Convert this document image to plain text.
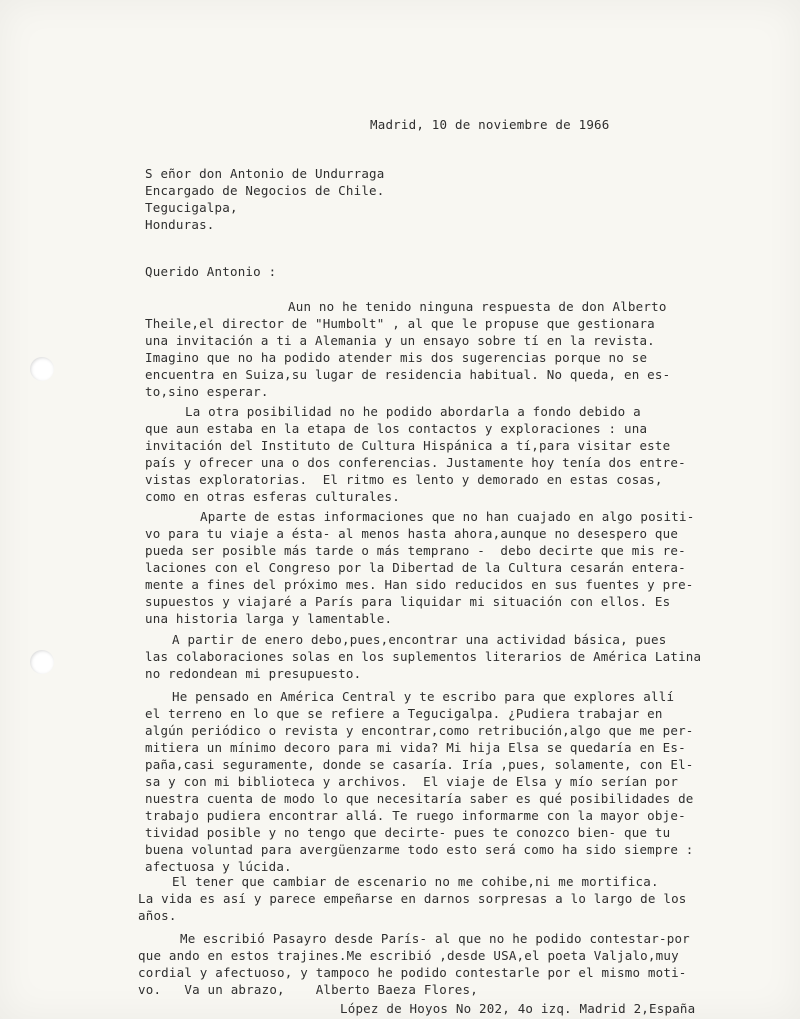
Madrid, 10 de noviembre de 1966

S eñor don Antonio de Undurraga

Encargado de Negocios de Chile.

Tegucigalpa,

Honduras.

Querido Antonio :

Aun no he tenido ninguna respuesta de don Alberto

Theile,el director de "Humbolt" , al que le propuse que gestionara

una invitación a ti a Alemania y un ensayo sobre tí en la revista.

Imagino que no ha podido atender mis dos sugerencias porque no se

encuentra en Suiza,su lugar de residencia habitual. No queda, en es-

to,sino esperar.

La otra posibilidad no he podido abordarla a fondo debido a

que aun estaba en la etapa de los contactos y exploraciones : una

invitación del Instituto de Cultura Hispánica a tí,para visitar este

país y ofrecer una o dos conferencias. Justamente hoy tenía dos entre-

vistas exploratorias.  El ritmo es lento y demorado en estas cosas,

como en otras esferas culturales.

Aparte de estas informaciones que no han cuajado en algo positi-

vo para tu viaje a ésta- al menos hasta ahora,aunque no desespero que

pueda ser posible más tarde o más temprano -  debo decirte que mis re-

laciones con el Congreso por la Dibertad de la Cultura cesarán entera-

mente a fines del próximo mes. Han sido reducidos en sus fuentes y pre-

supuestos y viajaré a París para liquidar mi situación con ellos. Es

una historia larga y lamentable.

A partir de enero debo,pues,encontrar una actividad básica, pues

las colaboraciones solas en los suplementos literarios de América Latina

no redondean mi presupuesto.

He pensado en América Central y te escribo para que explores allí

el terreno en lo que se refiere a Tegucigalpa. ¿Pudiera trabajar en

algún periódico o revista y encontrar,como retribución,algo que me per-

mitiera un mínimo decoro para mi vida? Mi hija Elsa se quedaría en Es-

paña,casi seguramente, donde se casaría. Iría ,pues, solamente, con El-

sa y con mi biblioteca y archivos.  El viaje de Elsa y mío serían por

nuestra cuenta de modo lo que necesitaría saber es qué posibilidades de

trabajo pudiera encontrar allá. Te ruego informarme con la mayor obje-

tividad posible y no tengo que decirte- pues te conozco bien- que tu

buena voluntad para avergüenzarme todo esto será como ha sido siempre :

afectuosa y lúcida.

El tener que cambiar de escenario no me cohibe,ni me mortifica.

La vida es así y parece empeñarse en darnos sorpresas a lo largo de los

años.

Me escribió Pasayro desde París- al que no he podido contestar-por

que ando en estos trajines.Me escribió ,desde USA,el poeta Valjalo,muy

cordial y afectuoso, y tampoco he podido contestarle por el mismo moti-

vo.   Va un abrazo,    Alberto Baeza Flores,

López de Hoyos No 202, 4o izq. Madrid 2,España
